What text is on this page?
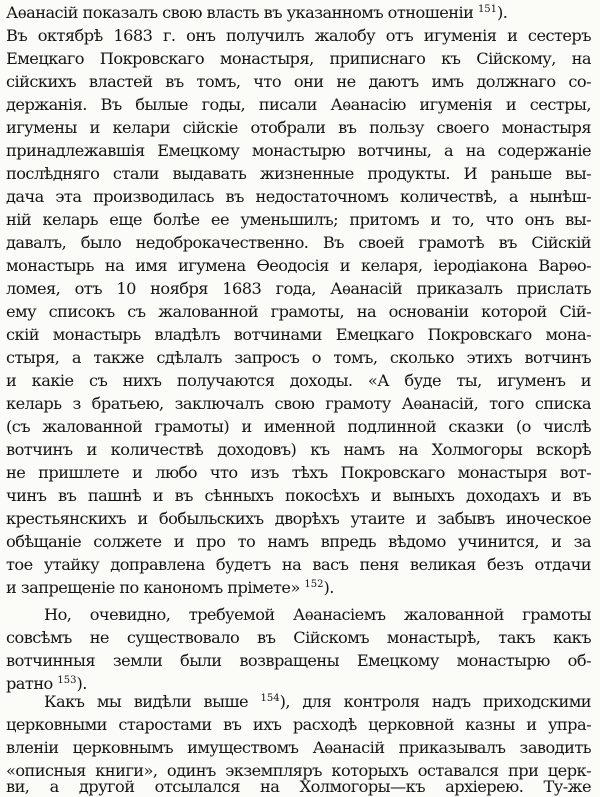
Аѳанасій показалъ свою власть въ указанномъ отношеніи $^{151}$).
Въ октябрѣ 1683 г. онъ получилъ жалобу отъ игуменія и сестеръ
Емецкаго Покровскаго монастыря, приписнаго къ Сійскому, на
сійскихъ властей въ томъ, что они не даютъ имъ должнаго со-
держанія. Въ былые годы, писали Аѳанасію игуменія и сестры,
игумены и келари сійскіе отобрали въ пользу своего монастыря
принадлежавшія Емецкому монастырю вотчины, а на содержаніе
послѣдняго стали выдавать жизненные продукты. И раньше вы-
дача эта производилась въ недостаточномъ количествѣ, а нынѣш-
ній келарь еще болѣе ее уменьшилъ; притомъ и то, что онъ вы-
давалъ, было недоброкачественно. Въ своей грамотѣ въ Сійскій
монастырь на имя игумена Ѳеодосія и келаря, іеродіакона Варѳо-
ломея, отъ 10 ноября 1683 года, Аѳанасій приказалъ прислать
ему списокъ съ жалованной грамоты, на основаніи которой Сій-
скій монастырь владѣлъ вотчинами Емецкаго Покровскаго мона-
стыря, а также сдѣлалъ запросъ о томъ, сколько этихъ вотчинъ
и какіе съ нихъ получаются доходы. «А буде ты, игуменъ и
келарь з братьею, заключалъ свою грамоту Аѳанасій, того списка
(съ жалованной грамоты) и именной подлинной сказки (о числѣ
вотчинъ и количествѣ доходовъ) къ намъ на Холмогоры вскорѣ
не пришлете и любо что изъ тѣхъ Покровскаго монастыря вот-
чинъ въ пашнѣ и въ сѣнныхъ покосѣхъ и выныхъ доходахъ и въ
крестьянскихъ и бобыльскихъ дворѣхъ утаите и забывъ иноческое
обѣщаніе солжете и про то намъ впредь вѣдомо учинится, и за
тое утайку доправлена будетъ на васъ пеня великая безъ отдачи
и запрещеніе по канономъ прімете» $^{152}$).
Но, очевидно, требуемой Аѳанасіемъ жалованной грамоты
совсѣмъ не существовало въ Сійскомъ монастырѣ, такъ какъ
вотчинныя земли были возвращены Емецкому монастырю об-
ратно $^{153}$).
Какъ мы видѣли выше $^{154}$), для контроля надъ приходскими
церковными старостами въ ихъ расходѣ церковной казны и упра-
вленіи церковнымъ имуществомъ Аѳанасій приказывалъ заводить
«описныя книги», одинъ экземпляръ которыхъ оставался при церк-
ви, а другой отсылался на Холмогоры—къ архіерею. Ту-же
